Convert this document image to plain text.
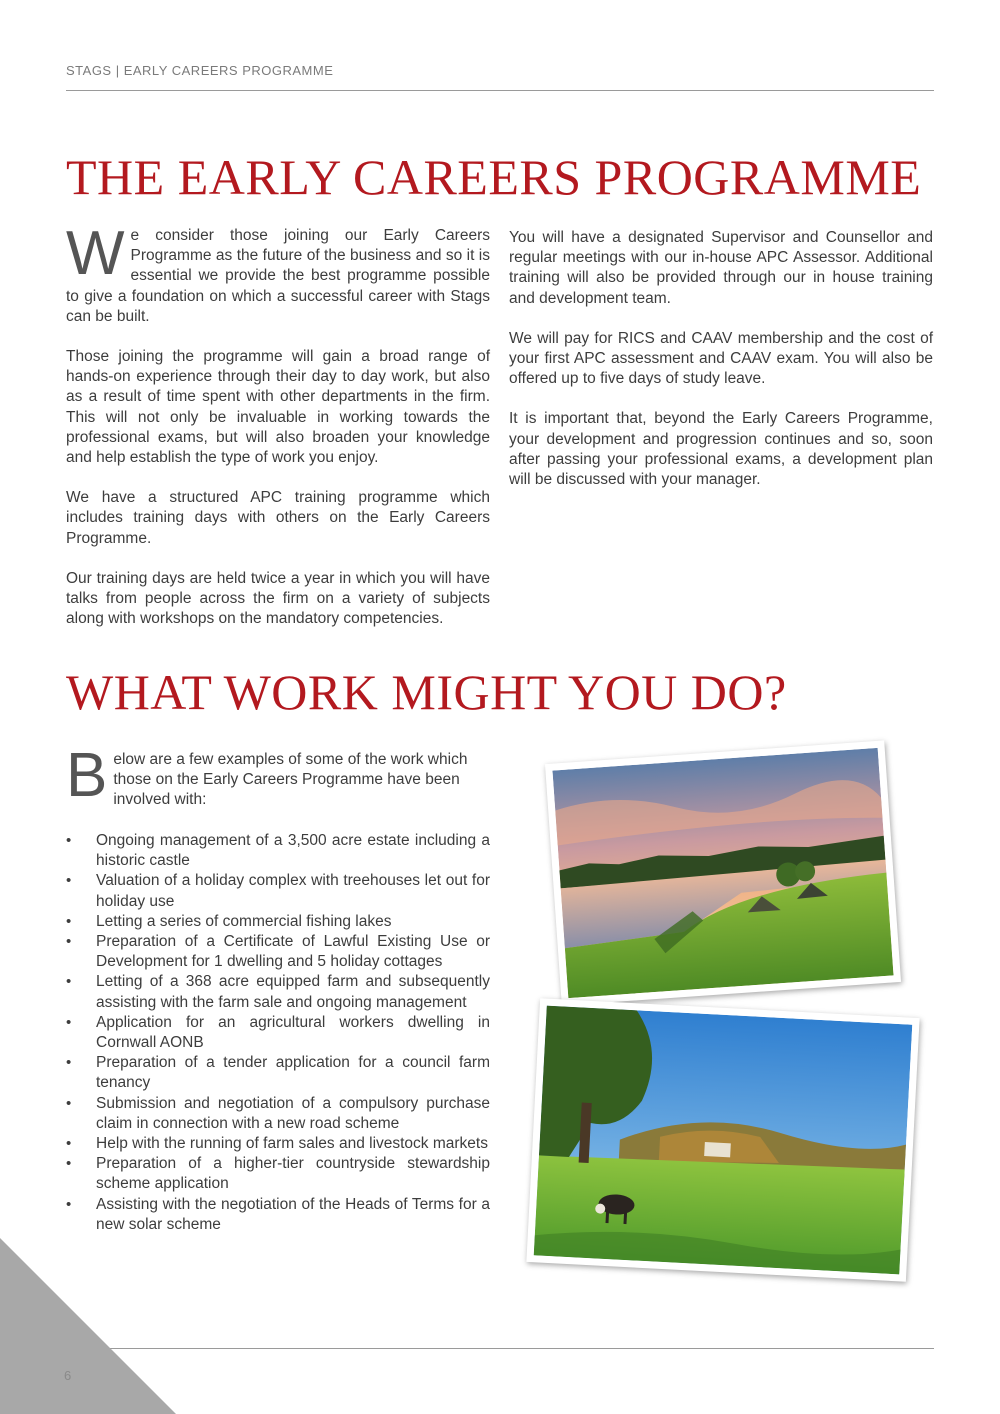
STAGS | EARLY CAREERS PROGRAMME
THE EARLY CAREERS PROGRAMME

We consider those joining our Early Careers Programme as the future of the business and so it is essential we provide the best programme possible to give a foundation on which a successful career with Stags can be built.

Those joining the programme will gain a broad range of hands-on experience through their day to day work, but also as a result of time spent with other departments in the firm. This will not only be invaluable in working towards the professional exams, but will also broaden your knowledge and help establish the type of work you enjoy.

We have a structured APC training programme which includes training days with others on the Early Careers Programme.

Our training days are held twice a year in which you will have talks from people across the firm on a variety of subjects along with workshops on the mandatory competencies.

You will have a designated Supervisor and Counsellor and regular meetings with our in-house APC Assessor. Additional training will also be provided through our in house training and development team.

We will pay for RICS and CAAV membership and the cost of your first APC assessment and CAAV exam. You will also be offered up to five days of study leave.

It is important that, beyond the Early Careers Programme, your development and progression continues and so, soon after passing your professional exams, a development plan will be discussed with your manager.

WHAT WORK MIGHT YOU DO?
Below are a few examples of some of the work which those on the Early Careers Programme have been involved with:
• Ongoing management of a 3,500 acre estate including a historic castle
• Valuation of a holiday complex with treehouses let out for holiday use
• Letting a series of commercial fishing lakes
• Preparation of a Certificate of Lawful Existing Use or Development for 1 dwelling and 5 holiday cottages
• Letting of a 368 acre equipped farm and subsequently assisting with the farm sale and ongoing management
• Application for an agricultural workers dwelling in Cornwall AONB
• Preparation of a tender application for a council farm tenancy
• Submission and negotiation of a compulsory purchase claim in connection with a new road scheme
• Help with the running of farm sales and livestock markets
• Preparation of a higher-tier countryside stewardship scheme application
• Assisting with the negotiation of the Heads of Terms for a new solar scheme
6
